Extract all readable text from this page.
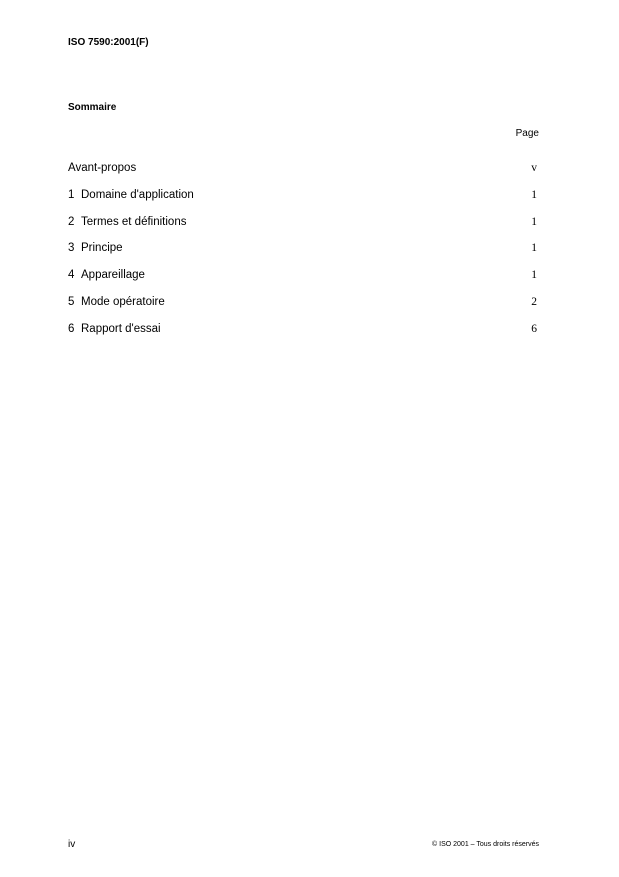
ISO 7590:2001(F)
Sommaire
Page
Avant-propos	v
1 Domaine d'application	1
2 Termes et définitions	1
3 Principe	1
4 Appareillage	1
5 Mode opératoire	2
6 Rapport d'essai	6
iv	© ISO 2001 – Tous droits réservés
